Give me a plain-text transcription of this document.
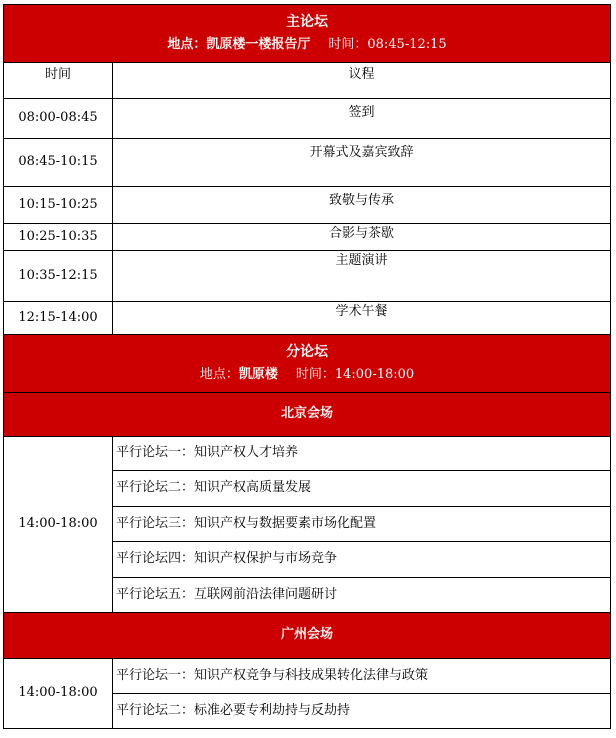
主论坛
地点：凯原楼一楼报告厅 时间：08:45-12:15	

时间	议程
08:00-08:45	签到
08:45-10:15	开幕式及嘉宾致辞
10:15-10:25	致敬与传承
10:25-10:35	合影与茶歇
10:35-12:15	主题演讲
12:15-14:00	学术午餐

分论坛
地点：凯原楼 时间：14:00-18:00	

北京会场	
14:00-18:00	平行论坛一：知识产权人才培养
	平行论坛二：知识产权高质量发展
	平行论坛三：知识产权与数据要素市场化配置
	平行论坛四：知识产权保护与市场竞争
	平行论坛五：互联网前沿法律问题研讨
广州会场	
14:00-18:00	平行论坛一：知识产权竞争与科技成果转化法律与政策
	平行论坛二：标准必要专利劫持与反劫持
